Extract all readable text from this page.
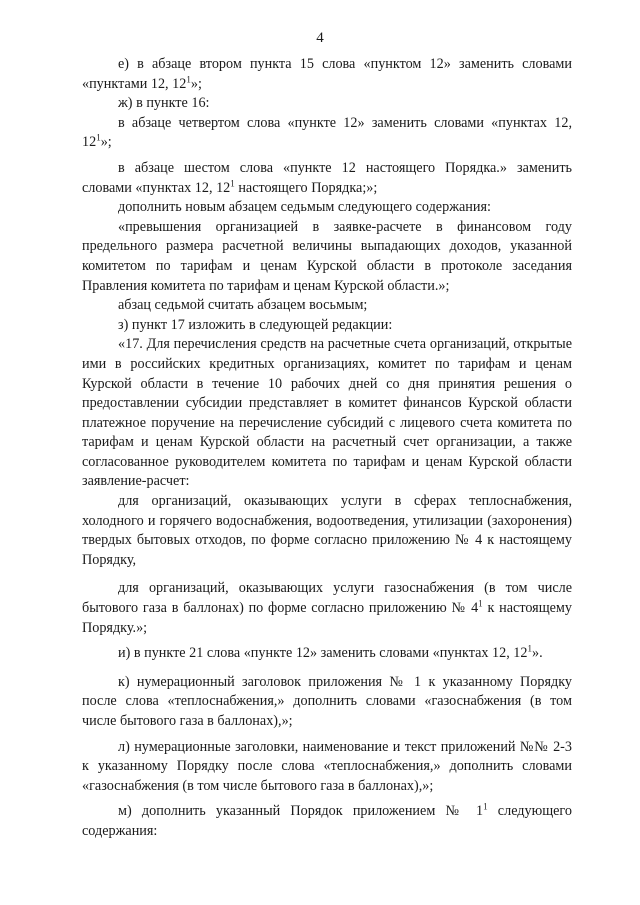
4

е) в абзаце втором пункта 15 слова «пунктом 12» заменить словами «пунктами 12, $12^1$»;

ж) в пункте 16:

в абзаце четвертом слова «пункте 12» заменить словами «пунктах 12, $12^1$»;

в абзаце шестом слова «пункте 12 настоящего Порядка.» заменить словами «пунктах 12, $12^1$ настоящего Порядка;»;

дополнить новым абзацем седьмым следующего содержания:

«превышения организацией в заявке-расчете в финансовом году предельного размера расчетной величины выпадающих доходов, указанной комитетом по тарифам и ценам Курской области в протоколе заседания Правления комитета по тарифам и ценам Курской области.»;

абзац седьмой считать абзацем восьмым;

з) пункт 17 изложить в следующей редакции:

«17. Для перечисления средств на расчетные счета организаций, открытые ими в российских кредитных организациях, комитет по тарифам и ценам Курской области в течение 10 рабочих дней со дня принятия решения о предоставлении субсидии представляет в комитет финансов Курской области платежное поручение на перечисление субсидий с лицевого счета комитета по тарифам и ценам Курской области на расчетный счет организации, а также согласованное руководителем комитета по тарифам и ценам Курской области заявление-расчет:

для организаций, оказывающих услуги в сферах теплоснабжения, холодного и горячего водоснабжения, водоотведения, утилизации (захоронения) твердых бытовых отходов, по форме согласно приложению № 4 к настоящему Порядку,

для организаций, оказывающих услуги газоснабжения (в том числе бытового газа в баллонах) по форме согласно приложению № $4^1$ к настоящему Порядку.»;

и) в пункте 21 слова «пункте 12» заменить словами «пунктах 12, $12^1$».

к) нумерационный заголовок приложения № 1 к указанному Порядку после слова «теплоснабжения,» дополнить словами «газоснабжения (в том числе бытового газа в баллонах),»;

л) нумерационные заголовки, наименование и текст приложений №№ 2-3 к указанному Порядку после слова «теплоснабжения,» дополнить словами «газоснабжения (в том числе бытового газа в баллонах),»;

м) дополнить указанный Порядок приложением № $1^1$ следующего содержания:
